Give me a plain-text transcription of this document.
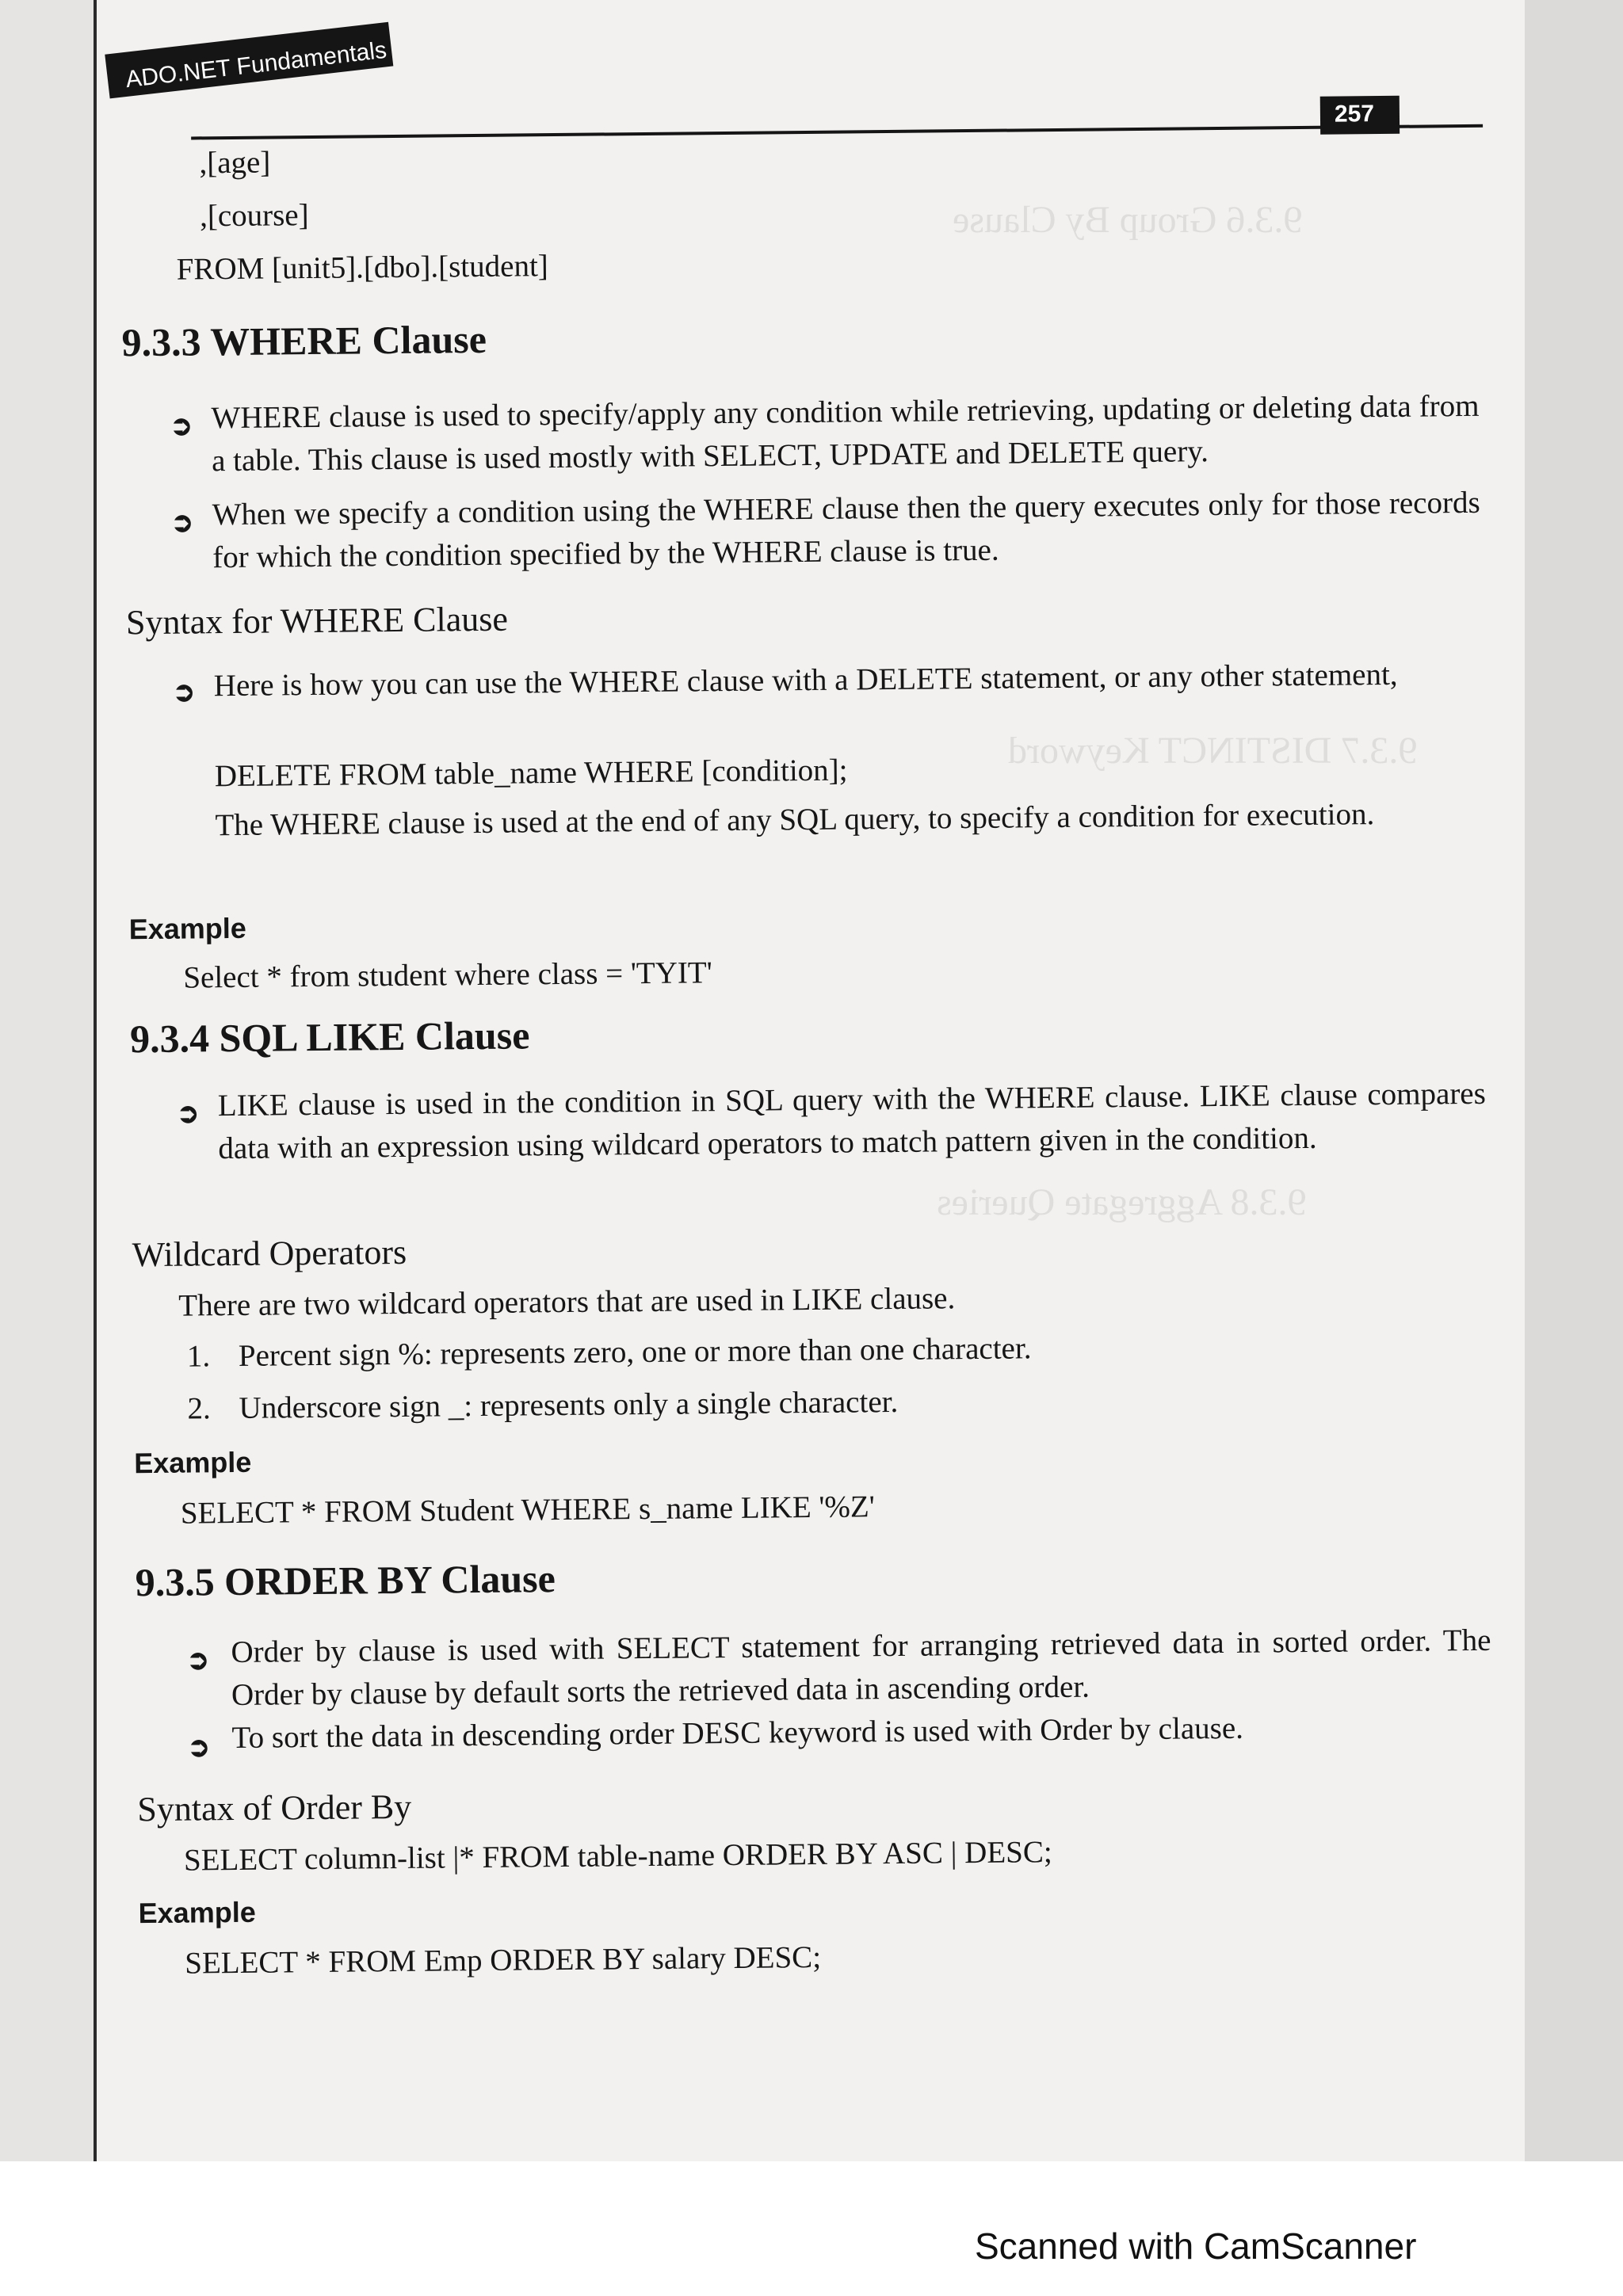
9.3.6 Group By Clause
9.3.7 DISTINCT Keyword
9.3.8 Aggregate Queries
ADO.NET Fundamentals
257
,[age]
,[course]
FROM [unit5].[dbo].[student]
9.3.3 WHERE Clause
➲ WHERE clause is used to specify/apply any condition while retrieving, updating or deleting data from a table. This clause is used mostly with SELECT, UPDATE and DELETE query.
➲ When we specify a condition using the WHERE clause then the query executes only for those records for which the condition specified by the WHERE clause is true.
Syntax for WHERE Clause
➲ Here is how you can use the WHERE clause with a DELETE statement, or any other statement,
DELETE FROM table_name WHERE [condition];
The WHERE clause is used at the end of any SQL query, to specify a condition for execution.
Example
Select * from student where class = 'TYIT'
9.3.4 SQL LIKE Clause
➲ LIKE clause is used in the condition in SQL query with the WHERE clause. LIKE clause compares data with an expression using wildcard operators to match pattern given in the condition.
Wildcard Operators
There are two wildcard operators that are used in LIKE clause.
1. Percent sign %: represents zero, one or more than one character.
2. Underscore sign _: represents only a single character.
Example
SELECT * FROM Student WHERE s_name LIKE '%Z'
9.3.5 ORDER BY Clause
➲ Order by clause is used with SELECT statement for arranging retrieved data in sorted order. The Order by clause by default sorts the retrieved data in ascending order.
➲ To sort the data in descending order DESC keyword is used with Order by clause.
Syntax of Order By
SELECT column-list |* FROM table-name ORDER BY ASC | DESC;
Example
SELECT * FROM Emp ORDER BY salary DESC;
Scanned with CamScanner
